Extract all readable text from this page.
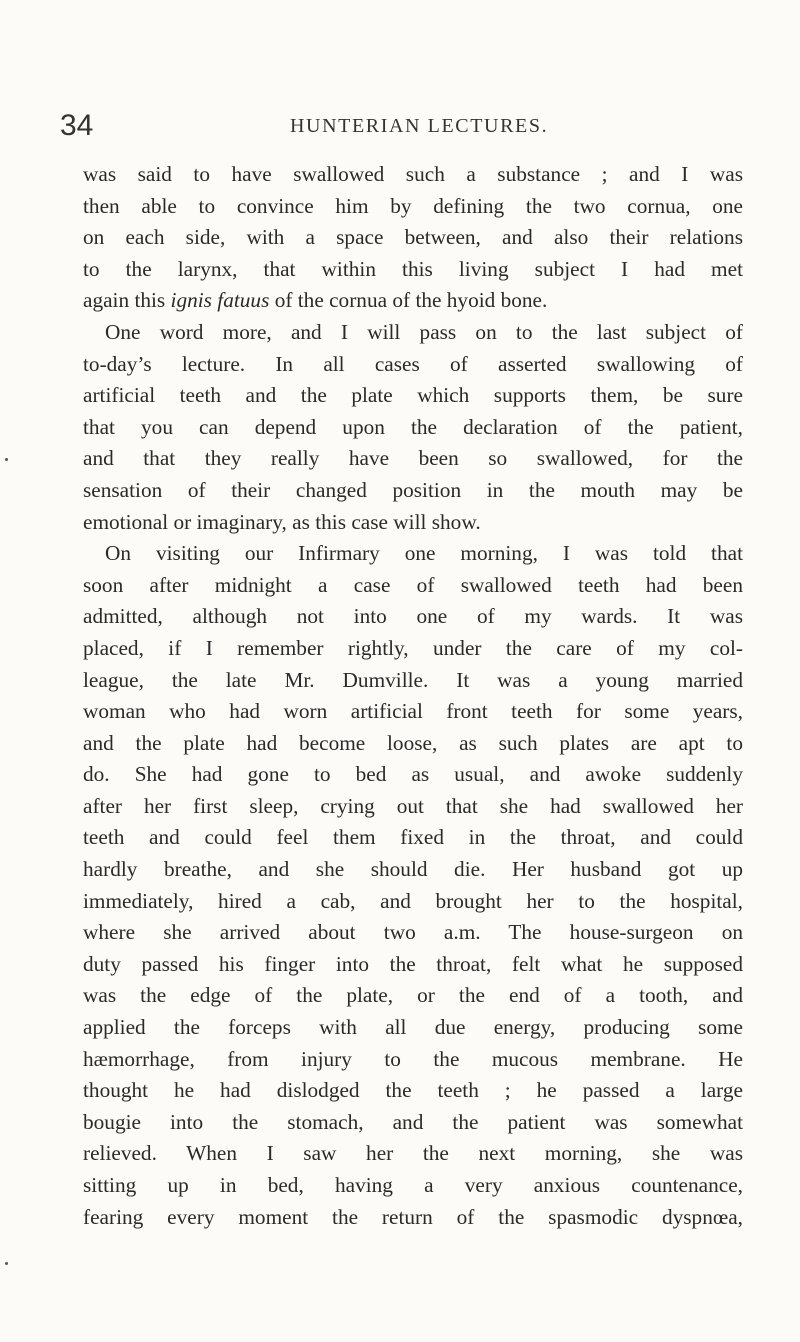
34	HUNTERIAN LECTURES.
was said to have swallowed such a substance ; and I was
then able to convince him by defining the two cornua, one
on each side, with a space between, and also their relations
to the larynx, that within this living subject I had met
again this ignis fatuus of the cornua of the hyoid bone.
One word more, and I will pass on to the last subject of
to-day’s lecture. In all cases of asserted swallowing of
artificial teeth and the plate which supports them, be sure
that you can depend upon the declaration of the patient,
and that they really have been so swallowed, for the
sensation of their changed position in the mouth may be
emotional or imaginary, as this case will show.
On visiting our Infirmary one morning, I was told that
soon after midnight a case of swallowed teeth had been
admitted, although not into one of my wards. It was
placed, if I remember rightly, under the care of my col-
league, the late Mr. Dumville. It was a young married
woman who had worn artificial front teeth for some years,
and the plate had become loose, as such plates are apt to
do. She had gone to bed as usual, and awoke suddenly
after her first sleep, crying out that she had swallowed her
teeth and could feel them fixed in the throat, and could
hardly breathe, and she should die. Her husband got up
immediately, hired a cab, and brought her to the hospital,
where she arrived about two a.m. The house-surgeon on
duty passed his finger into the throat, felt what he supposed
was the edge of the plate, or the end of a tooth, and
applied the forceps with all due energy, producing some
hæmorrhage, from injury to the mucous membrane. He
thought he had dislodged the teeth ; he passed a large
bougie into the stomach, and the patient was somewhat
relieved. When I saw her the next morning, she was
sitting up in bed, having a very anxious countenance,
fearing every moment the return of the spasmodic dyspnœa,
